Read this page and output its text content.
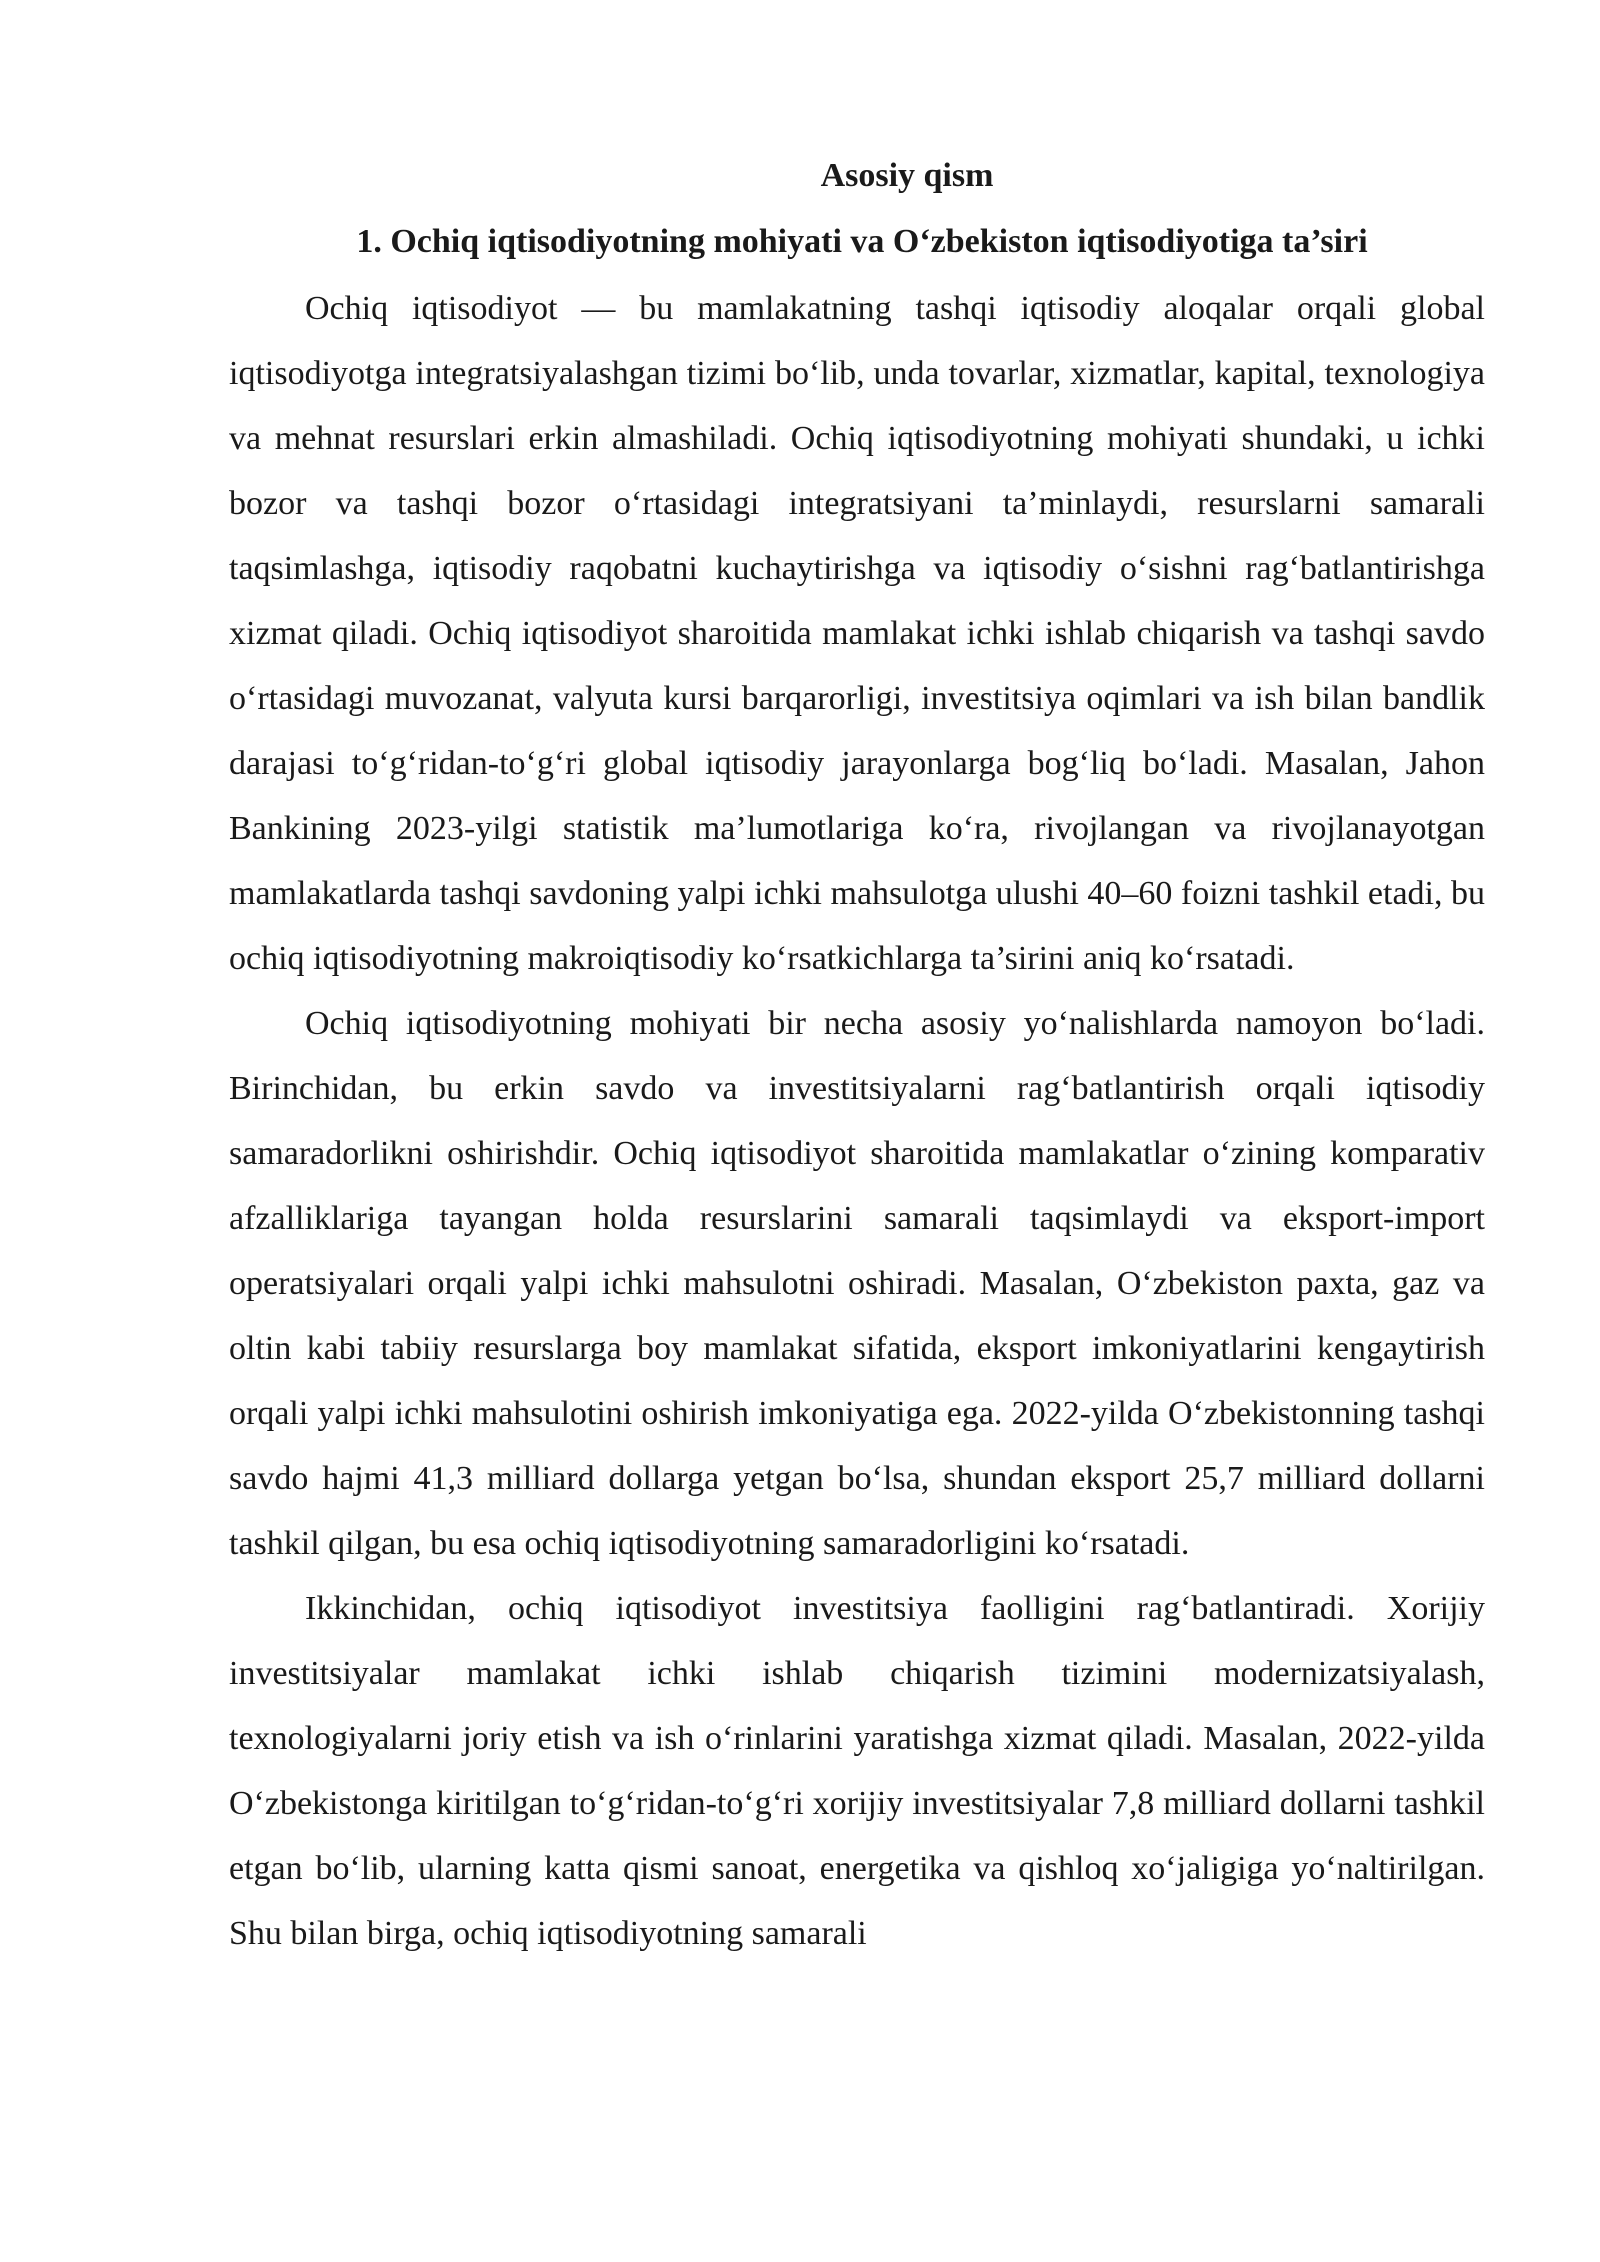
Asosiy qism
1. Ochiq iqtisodiyotning mohiyati va O‘zbekiston iqtisodiyotiga ta’siri

Ochiq iqtisodiyot — bu mamlakatning tashqi iqtisodiy aloqalar orqali global iqtisodiyotga integratsiyalashgan tizimi bo‘lib, unda tovarlar, xizmatlar, kapital, texnologiya va mehnat resurslari erkin almashiladi. Ochiq iqtisodiyotning mohiyati shundaki, u ichki bozor va tashqi bozor o‘rtasidagi integratsiyani ta’minlaydi, resurslarni samarali taqsimlashga, iqtisodiy raqobatni kuchaytirishga va iqtisodiy o‘sishni rag‘batlantirishga xizmat qiladi. Ochiq iqtisodiyot sharoitida mamlakat ichki ishlab chiqarish va tashqi savdo o‘rtasidagi muvozanat, valyuta kursi barqarorligi, investitsiya oqimlari va ish bilan bandlik darajasi to‘g‘ridan-to‘g‘ri global iqtisodiy jarayonlarga bog‘liq bo‘ladi. Masalan, Jahon Bankining 2023-yilgi statistik ma’lumotlariga ko‘ra, rivojlangan va rivojlanayotgan mamlakatlarda tashqi savdoning yalpi ichki mahsulotga ulushi 40–60 foizni tashkil etadi, bu ochiq iqtisodiyotning makroiqtisodiy ko‘rsatkichlarga ta’sirini aniq ko‘rsatadi.

Ochiq iqtisodiyotning mohiyati bir necha asosiy yo‘nalishlarda namoyon bo‘ladi. Birinchidan, bu erkin savdo va investitsiyalarni rag‘batlantirish orqali iqtisodiy samaradorlikni oshirishdir. Ochiq iqtisodiyot sharoitida mamlakatlar o‘zining komparativ afzalliklariga tayangan holda resurslarini samarali taqsimlaydi va eksport-import operatsiyalari orqali yalpi ichki mahsulotni oshiradi. Masalan, O‘zbekiston paxta, gaz va oltin kabi tabiiy resurslarga boy mamlakat sifatida, eksport imkoniyatlarini kengaytirish orqali yalpi ichki mahsulotini oshirish imkoniyatiga ega. 2022-yilda O‘zbekistonning tashqi savdo hajmi 41,3 milliard dollarga yetgan bo‘lsa, shundan eksport 25,7 milliard dollarni tashkil qilgan, bu esa ochiq iqtisodiyotning samaradorligini ko‘rsatadi.

Ikkinchidan, ochiq iqtisodiyot investitsiya faolligini rag‘batlantiradi. Xorijiy investitsiyalar mamlakat ichki ishlab chiqarish tizimini modernizatsiyalash, texnologiyalarni joriy etish va ish o‘rinlarini yaratishga xizmat qiladi. Masalan, 2022-yilda O‘zbekistonga kiritilgan to‘g‘ridan-to‘g‘ri xorijiy investitsiyalar 7,8 milliard dollarni tashkil etgan bo‘lib, ularning katta qismi sanoat, energetika va qishloq xo‘jaligiga yo‘naltirilgan. Shu bilan birga, ochiq iqtisodiyotning samarali
